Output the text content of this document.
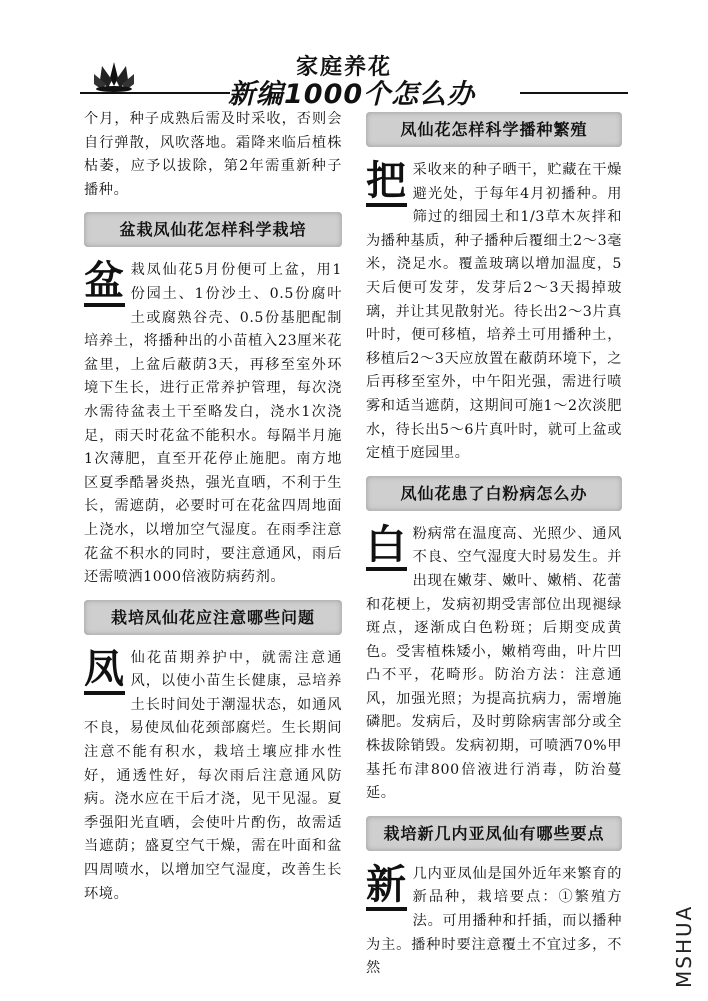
家庭养花
新编1000个怎么办

个月，种子成熟后需及时采收，否则会自行弹散，风吹落地。霜降来临后植株枯萎，应予以拔除，第2年需重新种子播种。

盆栽凤仙花怎样科学栽培

盆 栽凤仙花5月份便可上盆，用1份园土、1份沙土、0.5份腐叶土或腐熟谷壳、0.5份基肥配制培养土，将播种出的小苗植入23厘米花盆里，上盆后蔽荫3天，再移至室外环境下生长，进行正常养护管理，每次浇水需待盆表土干至略发白，浇水1次浇足，雨天时花盆不能积水。每隔半月施1次薄肥，直至开花停止施肥。南方地区夏季酷暑炎热，强光直晒，不利于生长，需遮荫，必要时可在花盆四周地面上浇水，以增加空气湿度。在雨季注意花盆不积水的同时，要注意通风，雨后还需喷洒1000倍液防病药剂。

栽培凤仙花应注意哪些问题

凤 仙花苗期养护中，就需注意通风，以使小苗生长健康，忌培养土长时间处于潮湿状态，如通风不良，易使凤仙花颈部腐烂。生长期间注意不能有积水，栽培土壤应排水性好，通透性好，每次雨后注意通风防病。浇水应在干后才浇，见干见湿。夏季强阳光直晒，会使叶片酌伤，故需适当遮荫；盛夏空气干燥，需在叶面和盆四周喷水，以增加空气湿度，改善生长环境。

凤仙花怎样科学播种繁殖

把 采收来的种子晒干，贮藏在干燥避光处，于每年4月初播种。用筛过的细园土和1/3草木灰拌和为播种基质，种子播种后覆细土2～3毫米，浇足水。覆盖玻璃以增加温度，5天后便可发芽，发芽后2～3天揭掉玻璃，并让其见散射光。待长出2～3片真叶时，便可移植，培养土可用播种土，移植后2～3天应放置在蔽荫环境下，之后再移至室外，中午阳光强，需进行喷雾和适当遮荫，这期间可施1～2次淡肥水，待长出5～6片真叶时，就可上盆或定植于庭园里。

凤仙花患了白粉病怎么办

白 粉病常在温度高、光照少、通风不良、空气湿度大时易发生。并出现在嫩芽、嫩叶、嫩梢、花蕾和花梗上，发病初期受害部位出现褪绿斑点，逐渐成白色粉斑；后期变成黄色。受害植株矮小，嫩梢弯曲，叶片凹凸不平，花畸形。防治方法：注意通风，加强光照；为提高抗病力，需增施磷肥。发病后，及时剪除病害部分或全株拔除销毁。发病初期，可喷洒70%甲基托布津800倍液进行消毒，防治蔓延。

栽培新几内亚凤仙有哪些要点

新 几内亚凤仙是国外近年来繁育的新品种，栽培要点：①繁殖方法。可用播种和扦插，而以播种为主。播种时要注意覆土不宜过多，不然	MSHUA
